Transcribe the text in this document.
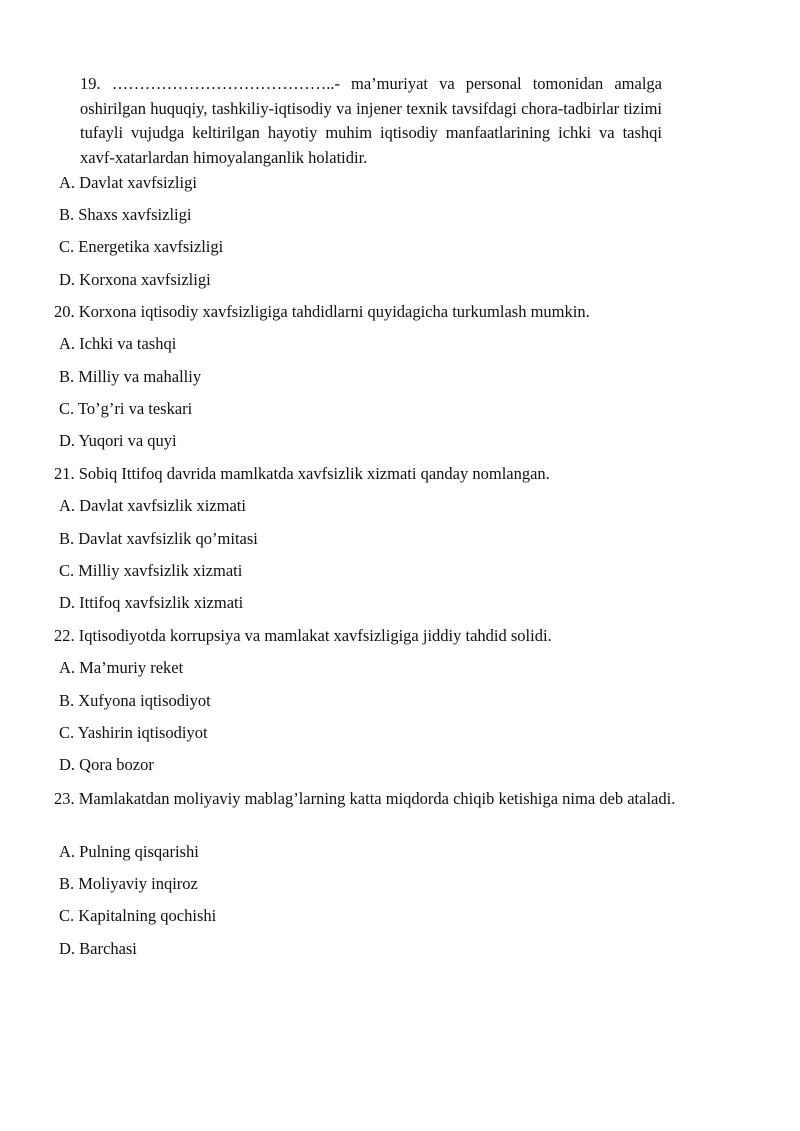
19. …………………………………..- ma’muriyat va personal tomonidan amalga oshirilgan huquqiy, tashkiliy-iqtisodiy va injener texnik tavsifdagi chora-tadbirlar tizimi tufayli vujudga keltirilgan hayotiy muhim iqtisodiy manfaatlarining ichki va tashqi xavf-xatarlardan himoyalanganlik holatidir.
A. Davlat xavfsizligi
B. Shaxs xavfsizligi
C. Energetika xavfsizligi
D. Korxona xavfsizligi
20. Korxona iqtisodiy xavfsizligiga tahdidlarni quyidagicha turkumlash mumkin.
A. Ichki va tashqi
B. Milliy va mahalliy
C. To’g’ri va teskari
D. Yuqori va quyi
21. Sobiq Ittifoq davrida mamlkatda xavfsizlik xizmati qanday nomlangan.
A. Davlat xavfsizlik xizmati
B. Davlat xavfsizlik qo’mitasi
C. Milliy xavfsizlik xizmati
D. Ittifoq xavfsizlik xizmati
22. Iqtisodiyotda korrupsiya va mamlakat xavfsizligiga jiddiy tahdid solidi.
A. Ma’muriy reket
B. Xufyona iqtisodiyot
C. Yashirin iqtisodiyot
D. Qora bozor
23. Mamlakatdan moliyaviy mablag’larning katta miqdorda chiqib ketishiga nima deb ataladi.
A. Pulning qisqarishi
B. Moliyaviy inqiroz
C. Kapitalning qochishi
D. Barchasi
